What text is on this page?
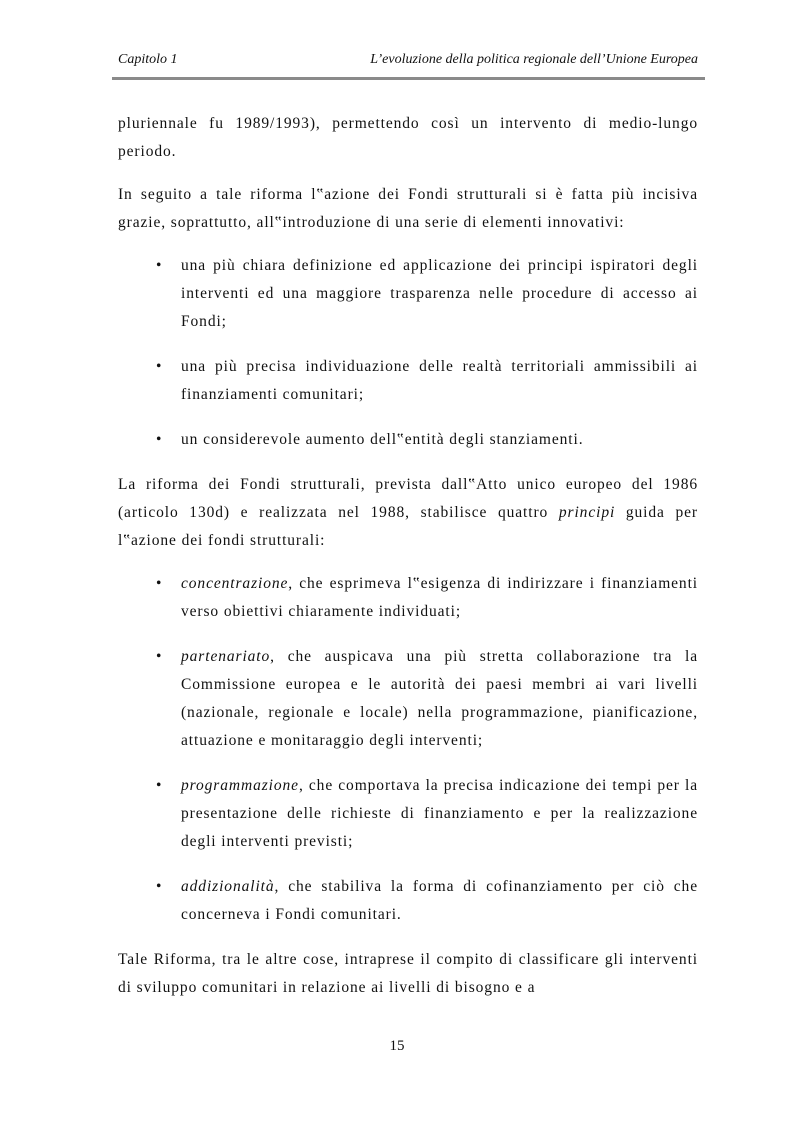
Capitolo 1	L’evoluzione della politica regionale dell’Unione Europea

pluriennale fu 1989/1993), permettendo così un intervento di medio-lungo periodo.

In seguito a tale riforma l‟azione dei Fondi strutturali si è fatta più incisiva grazie, soprattutto, all‟introduzione di una serie di elementi innovativi:

• una più chiara definizione ed applicazione dei principi ispiratori degli interventi ed una maggiore trasparenza nelle procedure di accesso ai Fondi;
• una più precisa individuazione delle realtà territoriali ammissibili ai finanziamenti comunitari;
• un considerevole aumento dell‟entità degli stanziamenti.

La riforma dei Fondi strutturali, prevista dall‟Atto unico europeo del 1986 (articolo 130d) e realizzata nel 1988, stabilisce quattro principi guida per l‟azione dei fondi strutturali:

• concentrazione, che esprimeva l‟esigenza di indirizzare i finanziamenti verso obiettivi chiaramente individuati;
• partenariato, che auspicava una più stretta collaborazione tra la Commissione europea e le autorità dei paesi membri ai vari livelli (nazionale, regionale e locale) nella programmazione, pianificazione, attuazione e monitaraggio degli interventi;
• programmazione, che comportava la precisa indicazione dei tempi per la presentazione delle richieste di finanziamento e per la realizzazione degli interventi previsti;
• addizionalità, che stabiliva la forma di cofinanziamento per ciò che concerneva i Fondi comunitari.

Tale Riforma, tra le altre cose, intraprese il compito di classificare gli interventi di sviluppo comunitari in relazione ai livelli di bisogno e a

15
